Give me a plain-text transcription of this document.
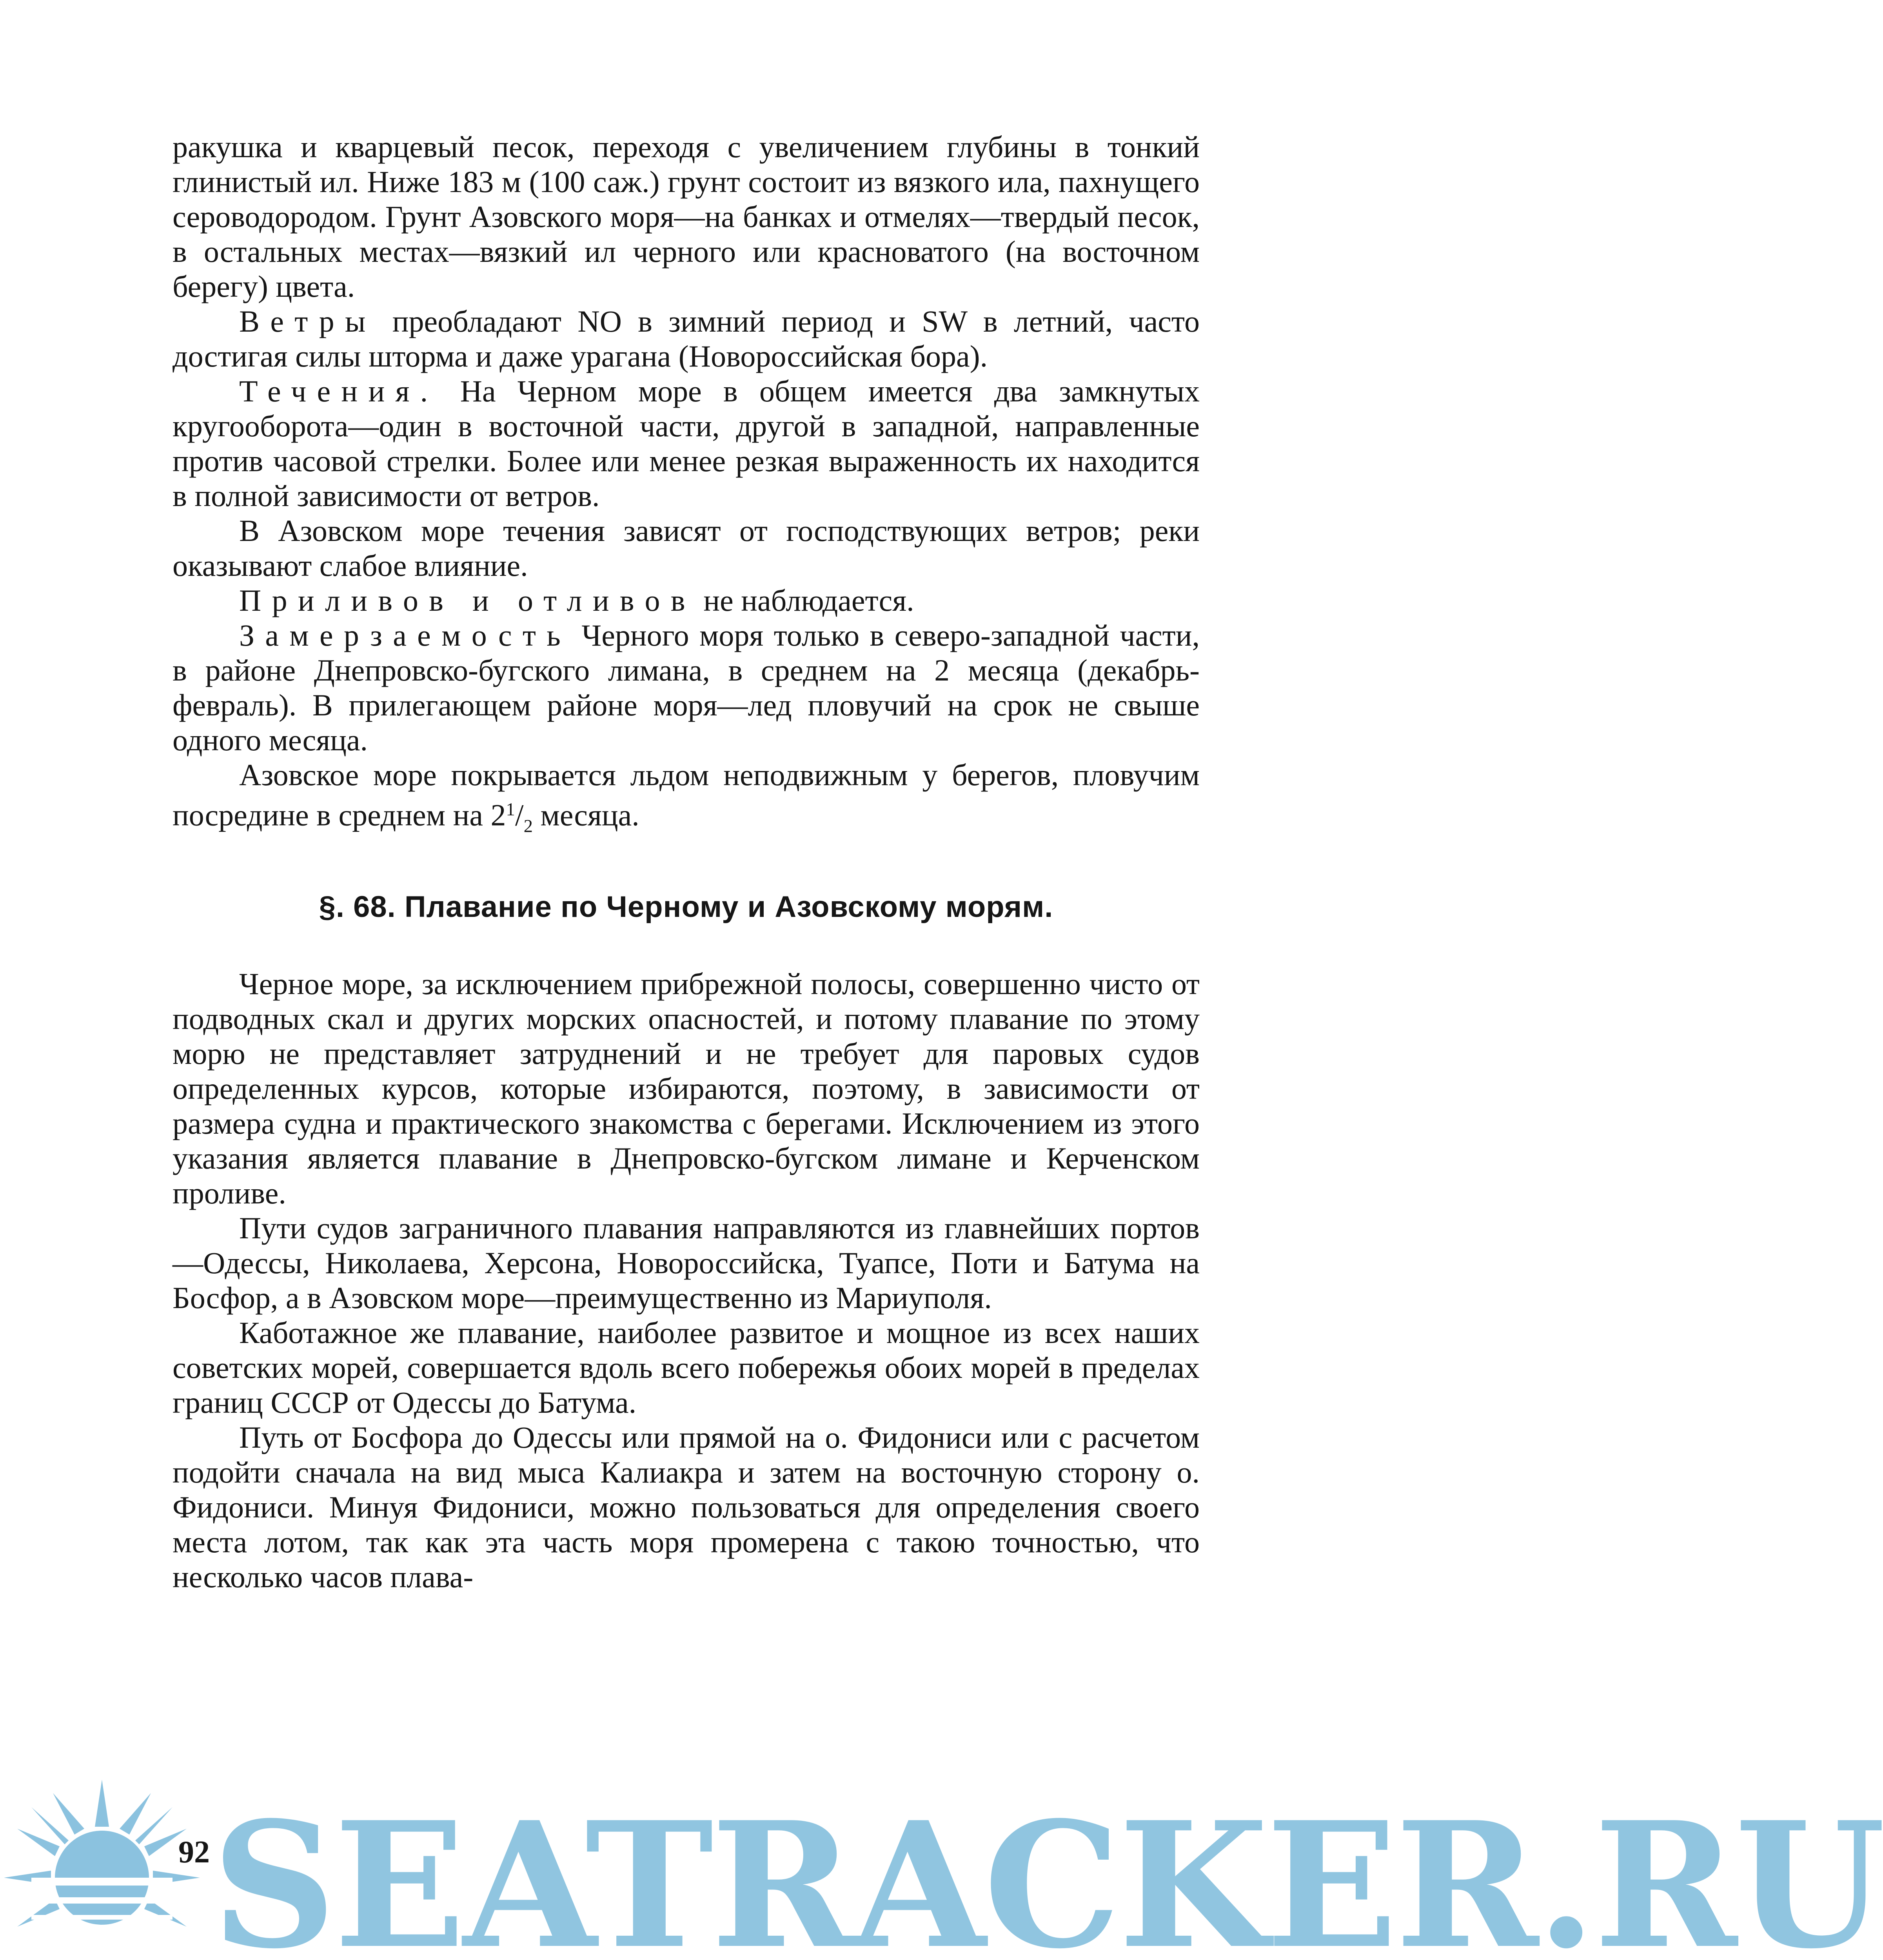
ракушка и кварцевый песок, переходя с увеличением глубины в тонкий глинистый ил. Ниже 183 м (100 саж.) грунт состоит из вязкого ила, пахнущего сероводородом. Грунт Азовского моря—на банках и отмелях—твердый песок, в остальных местах—вязкий ил черного или красноватого (на восточном берегу) цвета.

Ветры преобладают NO в зимний период и SW в летний, часто достигая силы шторма и даже урагана (Новороссийская бора).

Течения. На Черном море в общем имеется два замкнутых кругооборота—один в восточной части, другой в западной, направленные против часовой стрелки. Более или менее резкая выраженность их находится в полной зависимости от ветров.

В Азовском море течения зависят от господствующих ветров; реки оказывают слабое влияние.

Приливов и отливов не наблюдается.

Замерзаемость Черного моря только в северо-западной части, в районе Днепровско-бугского лимана, в среднем на 2 месяца (декабрь-февраль). В прилегающем районе моря—лед пловучий на срок не свыше одного месяца.

Азовское море покрывается льдом неподвижным у берегов, пловучим посредине в среднем на $2^1/_2$ месяца.

§. 68. Плавание по Черному и Азовскому морям.

Черное море, за исключением прибрежной полосы, совершенно чисто от подводных скал и других морских опасностей, и потому плавание по этому морю не представляет затруднений и не требует для паровых судов определенных курсов, которые избираются, поэтому, в зависимости от размера судна и практического знакомства с берегами. Исключением из этого указания является плавание в Днепровско-бугском лимане и Керченском проливе.

Пути судов заграничного плавания направляются из главнейших портов—Одессы, Николаева, Херсона, Новороссийска, Туапсе, Поти и Батума на Босфор, а в Азовском море—преимущественно из Мариуполя.

Каботажное же плавание, наиболее развитое и мощное из всех наших советских морей, совершается вдоль всего побережья обоих морей в пределах границ СССР от Одессы до Батума.

Путь от Босфора до Одессы или прямой на о. Фидониси или с расчетом подойти сначала на вид мыса Калиакра и затем на восточную сторону о. Фидониси. Минуя Фидониси, можно пользоваться для определения своего места лотом, так как эта часть моря промерена с такою точностью, что несколько часов плава-

SEATRACKER.RU
92
